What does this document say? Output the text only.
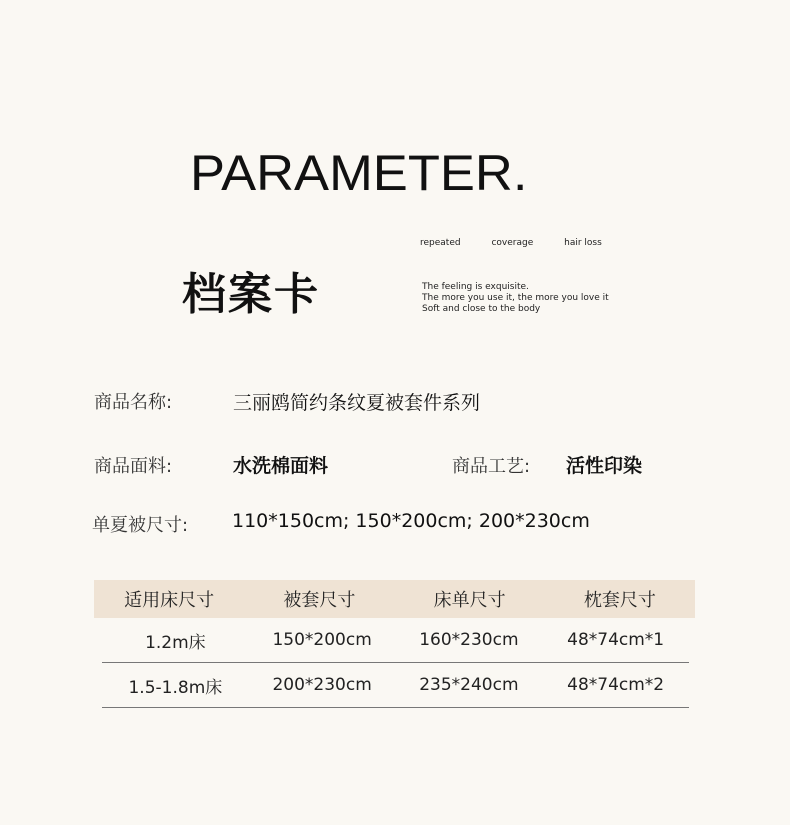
PARAMETER.
档案卡
repeated	coverage	hair loss
The feeling is exquisite.
The more you use it, the more you love it
Soft and close to the body
商品名称:	三丽鸥简约条纹夏被套件系列
商品面料:	水洗棉面料	商品工艺: 活性印染
单夏被尺寸: 110*150cm; 150*200cm; 200*230cm
适用床尺寸	被套尺寸	床单尺寸	枕套尺寸
1.2m床	150*200cm	160*230cm	48*74cm*1
1.5-1.8m床	200*230cm	235*240cm	48*74cm*2
